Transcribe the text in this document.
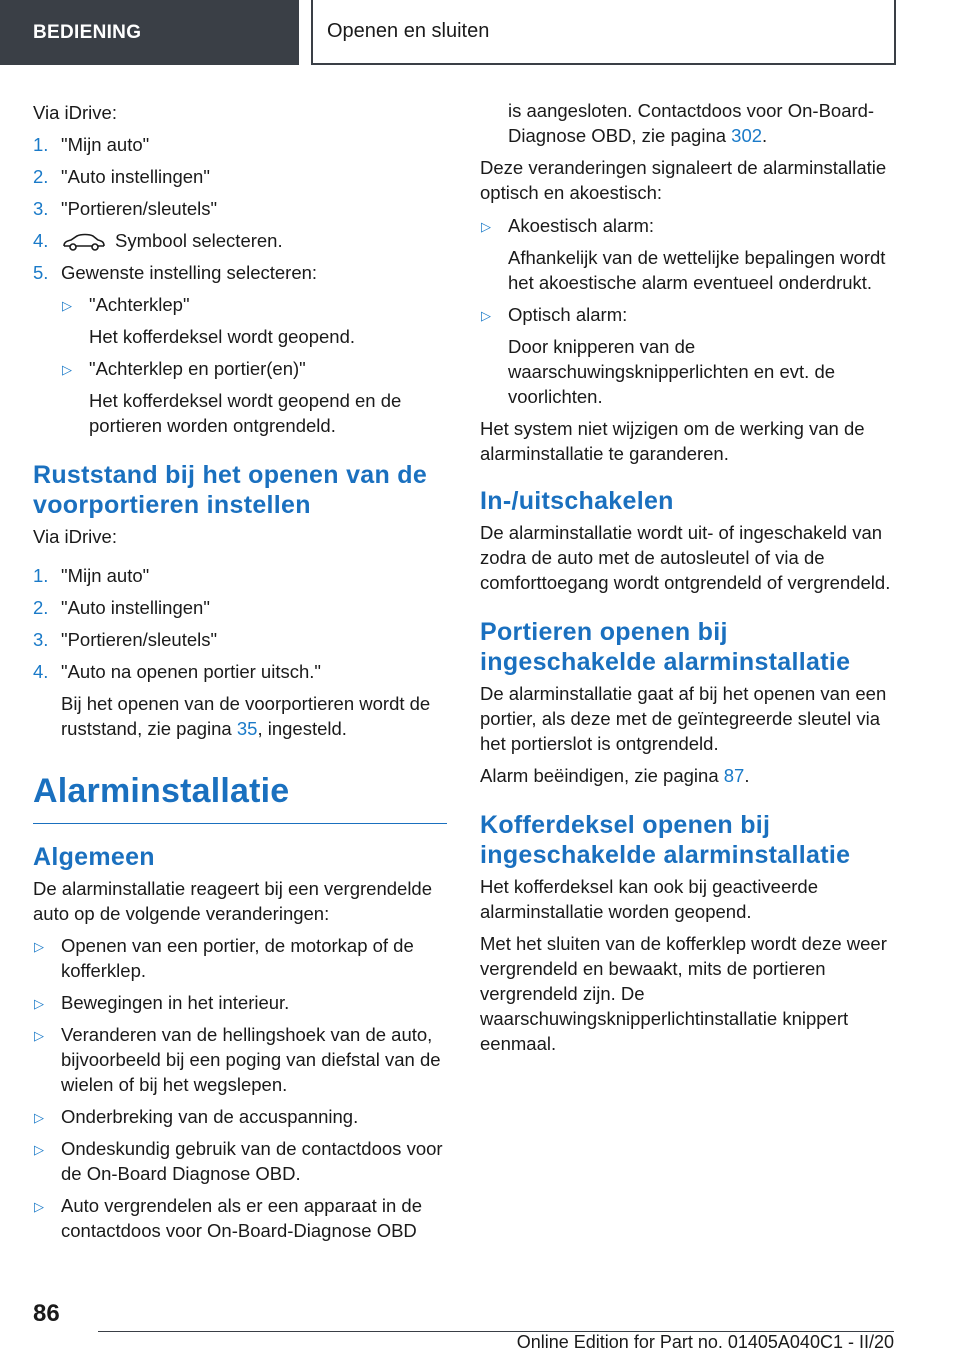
BEDIENING	Openen en sluiten

Via iDrive:

1. "Mijn auto"
2. "Auto instellingen"
3. "Portieren/sleutels"
4.	Symbool selecteren.
5. Gewenste instelling selecteren:
▷ "Achterklep"
Het kofferdeksel wordt geopend.
▷ "Achterklep en portier(en)"
Het kofferdeksel wordt geopend en de portieren worden ontgrendeld.
Ruststand bij het openen van de voorportieren instellen

Via iDrive:

1. "Mijn auto"
2. "Auto instellingen"
3. "Portieren/sleutels"
4. "Auto na openen portier uitsch."
Bij het openen van de voorportieren wordt de ruststand, zie pagina 35, ingesteld.
Alarminstallatie
Algemeen

De alarminstallatie reageert bij een vergrendelde auto op de volgende veranderingen:

▷ Openen van een portier, de motorkap of de kofferklep.
▷ Bewegingen in het interieur.
▷ Veranderen van de hellingshoek van de auto, bijvoorbeeld bij een poging van diefstal van de wielen of bij het wegslepen.
▷ Onderbreking van de accuspanning.
▷ Ondeskundig gebruik van de contactdoos voor de On-Board Diagnose OBD.
▷ Auto vergrendelen als er een apparaat in de contactdoos voor On-Board-Diagnose OBD

is aangesloten. Contactdoos voor On-Board-Diagnose OBD, zie pagina 302.

Deze veranderingen signaleert de alarminstallatie optisch en akoestisch:

▷ Akoestisch alarm:
Afhankelijk van de wettelijke bepalingen wordt het akoestische alarm eventueel onderdrukt.
▷ Optisch alarm:
Door knipperen van de waarschuwingsknipperlichten en evt. de voorlichten.

Het system niet wijzigen om de werking van de alarminstallatie te garanderen.

In-/uitschakelen

De alarminstallatie wordt uit- of ingeschakeld van zodra de auto met de autosleutel of via de comforttoegang wordt ontgrendeld of vergrendeld.

Portieren openen bij ingeschakelde alarminstallatie

De alarminstallatie gaat af bij het openen van een portier, als deze met de geïntegreerde sleutel via het portierslot is ontgrendeld.

Alarm beëindigen, zie pagina 87.

Kofferdeksel openen bij ingeschakelde alarminstallatie

Het kofferdeksel kan ook bij geactiveerde alarminstallatie worden geopend.

Met het sluiten van de kofferklep wordt deze weer vergrendeld en bewaakt, mits de portieren vergrendeld zijn. De waarschuwingsknipperlichtinstallatie knippert eenmaal.

86
Online Edition for Part no. 01405A040C1 - II/20
